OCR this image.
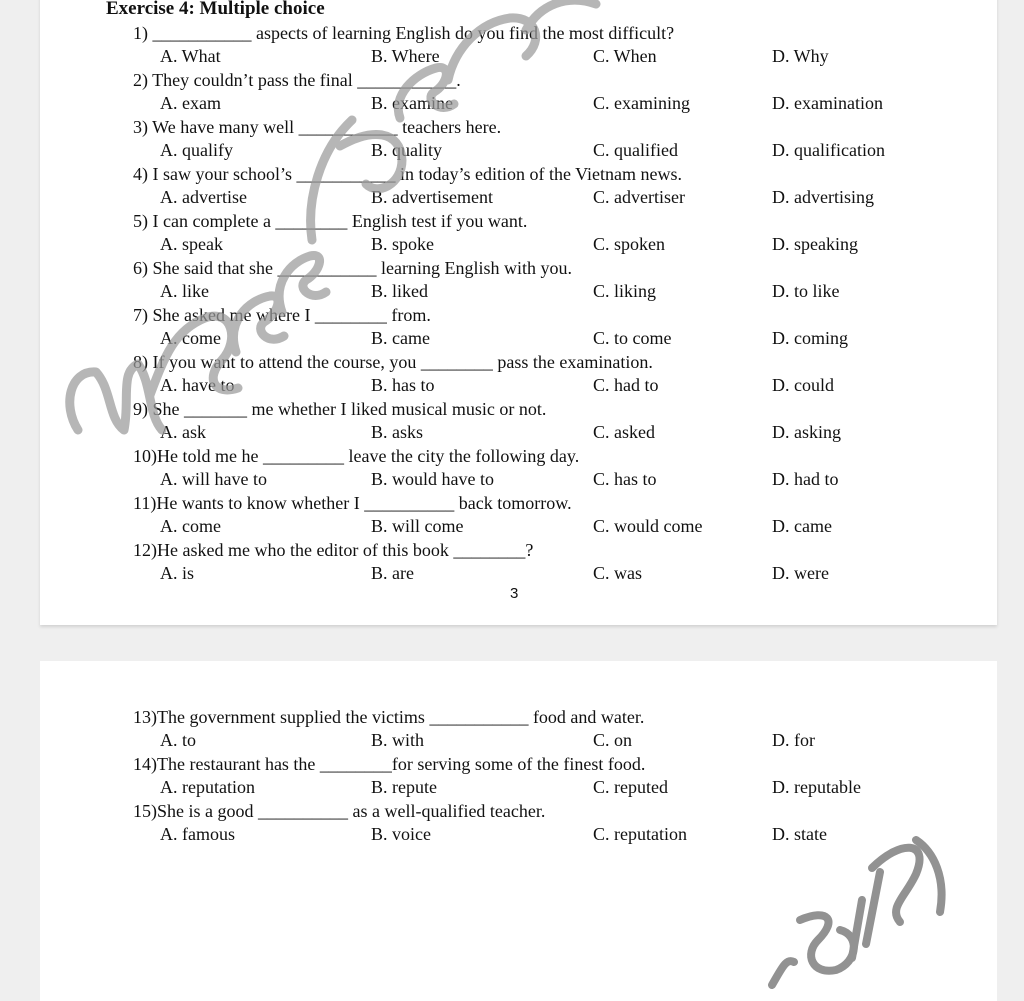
Exercise 4: Multiple choice
1) ___________ aspects of learning English do you find the most difficult?
A. What	B. Where	C. When	D. Why
2) They couldn’t pass the final ___________.
A. exam	B. examine	C. examining	D. examination
3) We have many well ___________ teachers here.
A. qualify	B. quality	C. qualified	D. qualification
4) I saw your school’s ___________ in today’s edition of the Vietnam news.
A. advertise	B. advertisement	C. advertiser	D. advertising
5) I can complete a ________ English test if you want.
A. speak	B. spoke	C. spoken	D. speaking
6) She said that she ___________ learning English with you.
A. like	B. liked	C. liking	D. to like
7) She asked me where I ________ from.
A. come	B. came	C. to come	D. coming
8) If you want to attend the course, you ________ pass the examination.
A. have to	B. has to	C. had to	D. could
9) She _______ me whether I liked musical music or not.
A. ask	B. asks	C. asked	D. asking
10)He told me he _________ leave the city the following day.
A. will have to	B. would have to	C. has to	D. had to
11)He wants to know whether I __________ back tomorrow.
A. come	B. will come	C. would come	D. came
12)He asked me who the editor of this book ________?
A. is	B. are	C. was	D. were
3
13)The government supplied the victims ___________ food and water.
A. to	B. with	C. on	D. for
14)The restaurant has the ________for serving some of the finest food.
A. reputation	B. repute	C. reputed	D. reputable
15)She is a good __________ as a well-qualified teacher.
A. famous	B. voice	C. reputation	D. state
